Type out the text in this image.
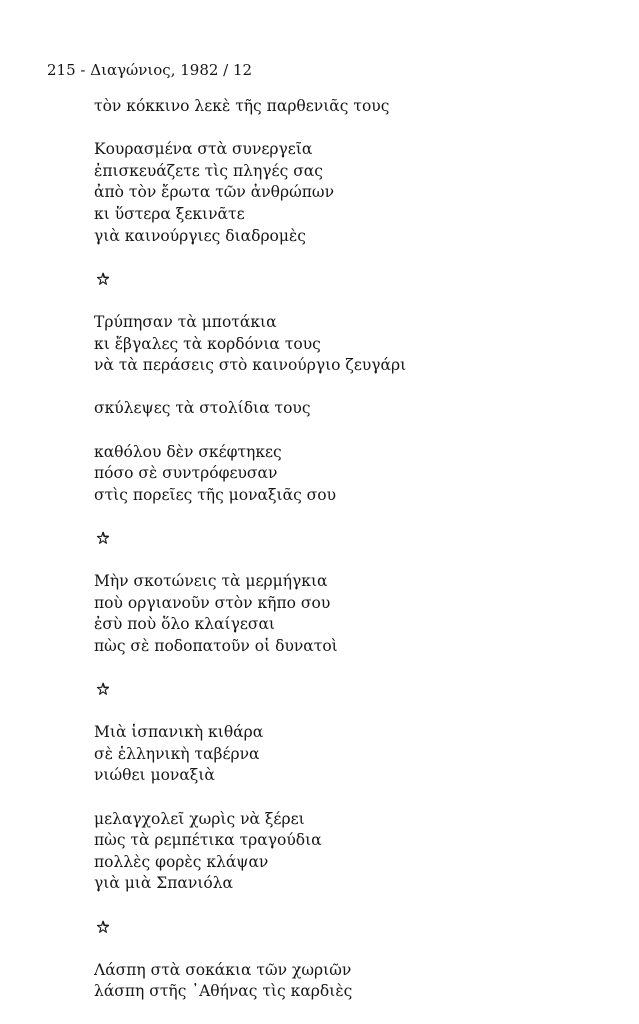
215 - Διαγώνιος, 1982 / 12
τὸν κόκκινο λεκὲ τῆς παρθενιᾶς τους
Κουρασμένα στὰ συνεργεῖα
ἐπισκευάζετε τὶς πληγές σας
ἀπὸ τὸν ἔρωτα τῶν ἀνθρώπων
κι ὕστερα ξεκινᾶτε
γιὰ καινούργιες διαδρομὲς
Τρύπησαν τὰ μποτάκια
κι ἔβγαλες τὰ κορδόνια τους
νὰ τὰ περάσεις στὸ καινούργιο ζευγάρι
σκύλεψες τὰ στολίδια τους
καθόλου δὲν σκέφτηκες
πόσο σὲ συντρόφευσαν
στὶς πορεῖες τῆς μοναξιᾶς σου
Μὴν σκοτώνεις τὰ μερμήγκια
ποὺ οργιανοῦν στὸν κῆπο σου
ἐσὺ ποὺ ὅλο κλαίγεσαι
πὼς σὲ ποδοπατοῦν οἱ δυνατοὶ
Μιὰ ἱσπανικὴ κιθάρα
σὲ ἑλληνικὴ ταβέρνα
νιώθει μοναξιὰ
μελαγχολεῖ χωρὶς νὰ ξέρει
πὼς τὰ ρεμπέτικα τραγούδια
πολλὲς φορὲς κλάψαν
γιὰ μιὰ Σπανιόλα
Λάσπη στὰ σοκάκια τῶν χωριῶν
λάσπη στῆς ᾿Αθήνας τὶς καρδιὲς
